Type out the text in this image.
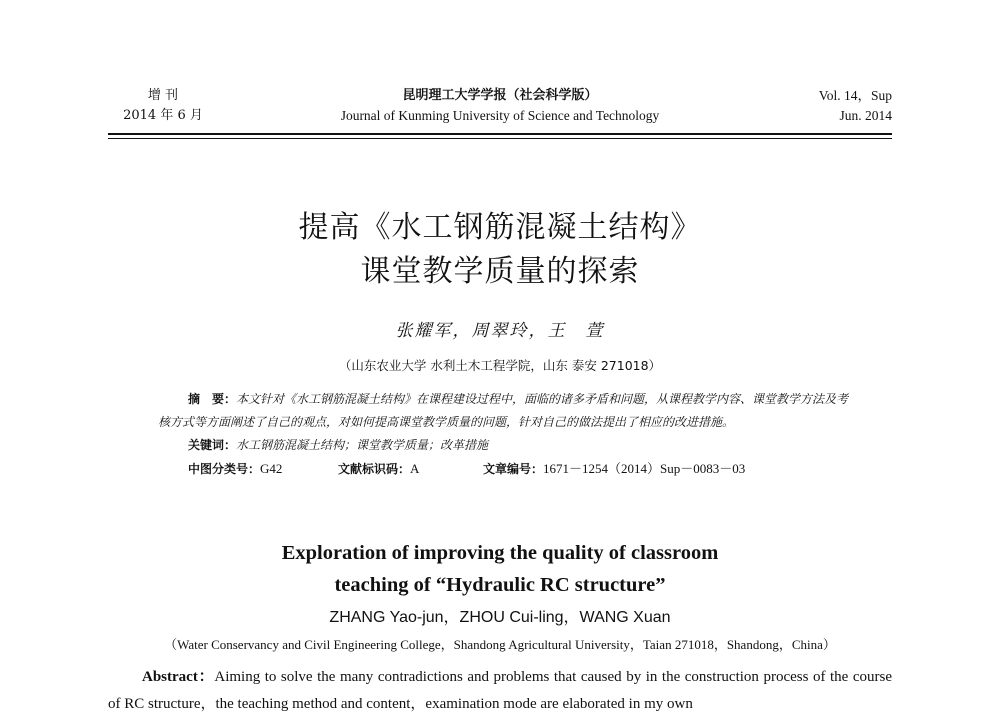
增 刊
2014 年 6 月
昆明理工大学学报（社会科学版）
Journal of Kunming University of Science and Technology
Vol. 14，Sup
Jun. 2014
提高《水工钢筋混凝土结构》
课堂教学质量的探索
张耀军，周翠玲，王　萱
（山东农业大学 水利土木工程学院，山东 泰安 271018）
摘　要：本文针对《水工钢筋混凝土结构》在课程建设过程中，面临的诸多矛盾和问题，从课程教学内容、课堂教学方法及考核方式等方面阐述了自己的观点，对如何提高课堂教学质量的问题，针对自己的做法提出了相应的改进措施。
关键词：水工钢筋混凝土结构；课堂教学质量；改革措施
中图分类号：G42	文献标识码：A	文章编号：1671－1254（2014）Sup－0083－03
Exploration of improving the quality of classroom
teaching of “Hydraulic RC structure”
ZHANG Yao-jun，ZHOU Cui-ling，WANG Xuan
（Water Conservancy and Civil Engineering College，Shandong Agricultural University，Taian 271018，Shandong，China）
Abstract：Aiming to solve the many contradictions and problems that caused by in the construction process of the course of RC structure，the teaching method and content，examination mode are elaborated in my own
